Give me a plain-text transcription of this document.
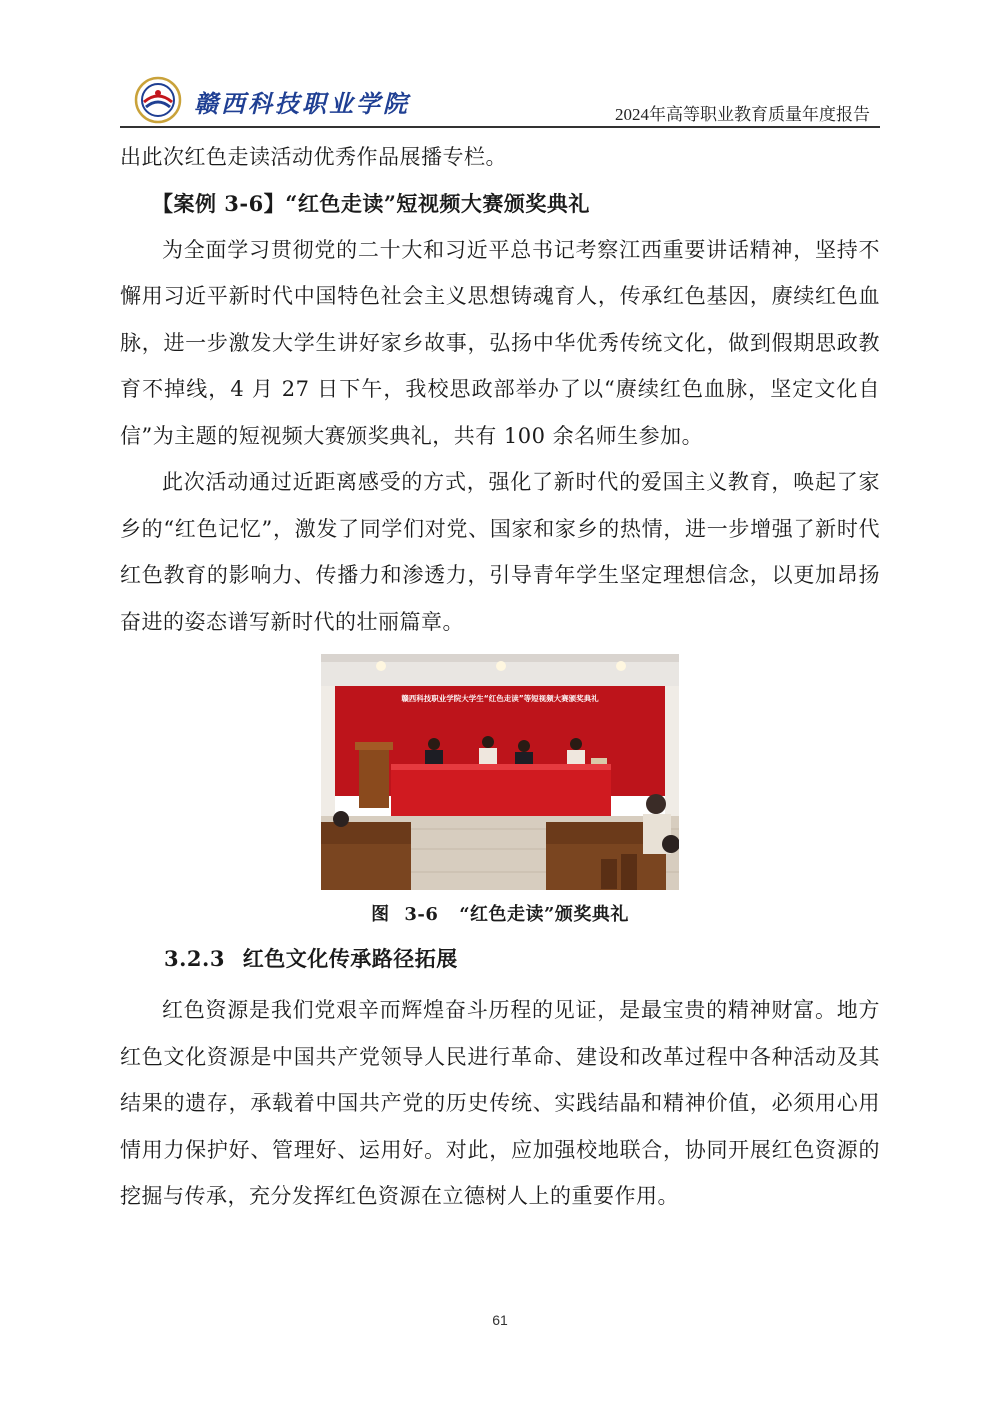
赣西科技职业学院	2024年高等职业教育质量年度报告

出此次红色走读活动优秀作品展播专栏。

【案例 3-6】“红色走读”短视频大赛颁奖典礼

为全面学习贯彻党的二十大和习近平总书记考察江西重要讲话精神，坚持不懈用习近平新时代中国特色社会主义思想铸魂育人，传承红色基因，赓续红色血脉，进一步激发大学生讲好家乡故事，弘扬中华优秀传统文化，做到假期思政教育不掉线，4 月 27 日下午，我校思政部举办了以“赓续红色血脉，坚定文化自信”为主题的短视频大赛颁奖典礼，共有 100 余名师生参加。

此次活动通过近距离感受的方式，强化了新时代的爱国主义教育，唤起了家乡的“红色记忆”，激发了同学们对党、国家和家乡的热情，进一步增强了新时代红色教育的影响力、传播力和渗透力，引导青年学生坚定理想信念，以更加昂扬奋进的姿态谱写新时代的壮丽篇章。

赣西科技职业学院大学生“红色走读”等短视频大赛颁奖典礼
图 3-6 “红色走读”颁奖典礼
3.2.3 红色文化传承路径拓展

红色资源是我们党艰辛而辉煌奋斗历程的见证，是最宝贵的精神财富。地方红色文化资源是中国共产党领导人民进行革命、建设和改革过程中各种活动及其结果的遗存，承载着中国共产党的历史传统、实践结晶和精神价值，必须用心用情用力保护好、管理好、运用好。对此，应加强校地联合，协同开展红色资源的挖掘与传承，充分发挥红色资源在立德树人上的重要作用。

61
